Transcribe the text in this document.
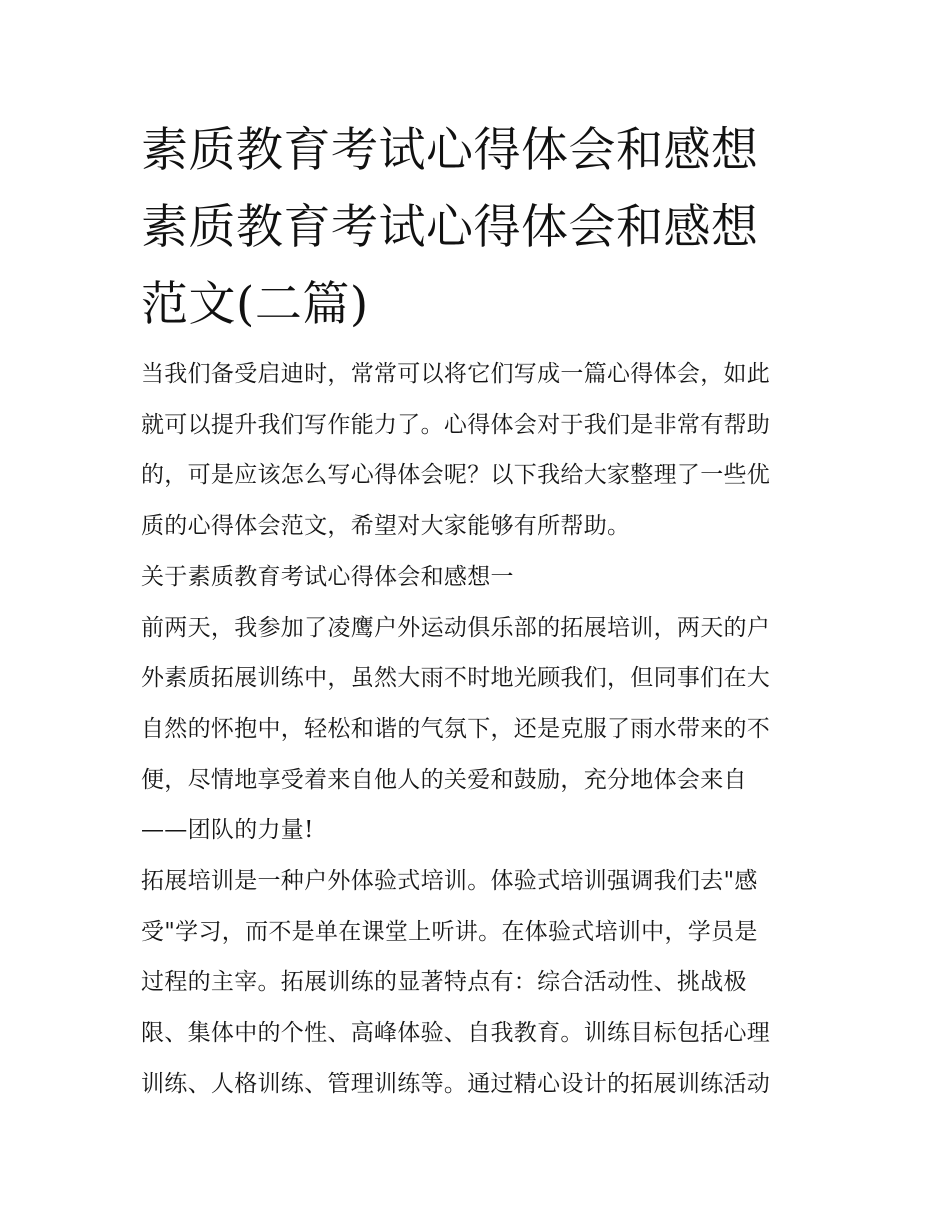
素质教育考试心得体会和感想
素质教育考试心得体会和感想
范文(二篇)
当我们备受启迪时，常常可以将它们写成一篇心得体会，如此
就可以提升我们写作能力了。心得体会对于我们是非常有帮助
的，可是应该怎么写心得体会呢？以下我给大家整理了一些优
质的心得体会范文，希望对大家能够有所帮助。
关于素质教育考试心得体会和感想一
前两天，我参加了凌鹰户外运动俱乐部的拓展培训，两天的户
外素质拓展训练中，虽然大雨不时地光顾我们，但同事们在大
自然的怀抱中，轻松和谐的气氛下，还是克服了雨水带来的不
便，尽情地享受着来自他人的关爱和鼓励，充分地体会来自
——团队的力量!
拓展培训是一种户外体验式培训。体验式培训强调我们去"感
受"学习，而不是单在课堂上听讲。在体验式培训中，学员是
过程的主宰。拓展训练的显著特点有：综合活动性、挑战极
限、集体中的个性、高峰体验、自我教育。训练目标包括心理
训练、人格训练、管理训练等。通过精心设计的拓展训练活动
